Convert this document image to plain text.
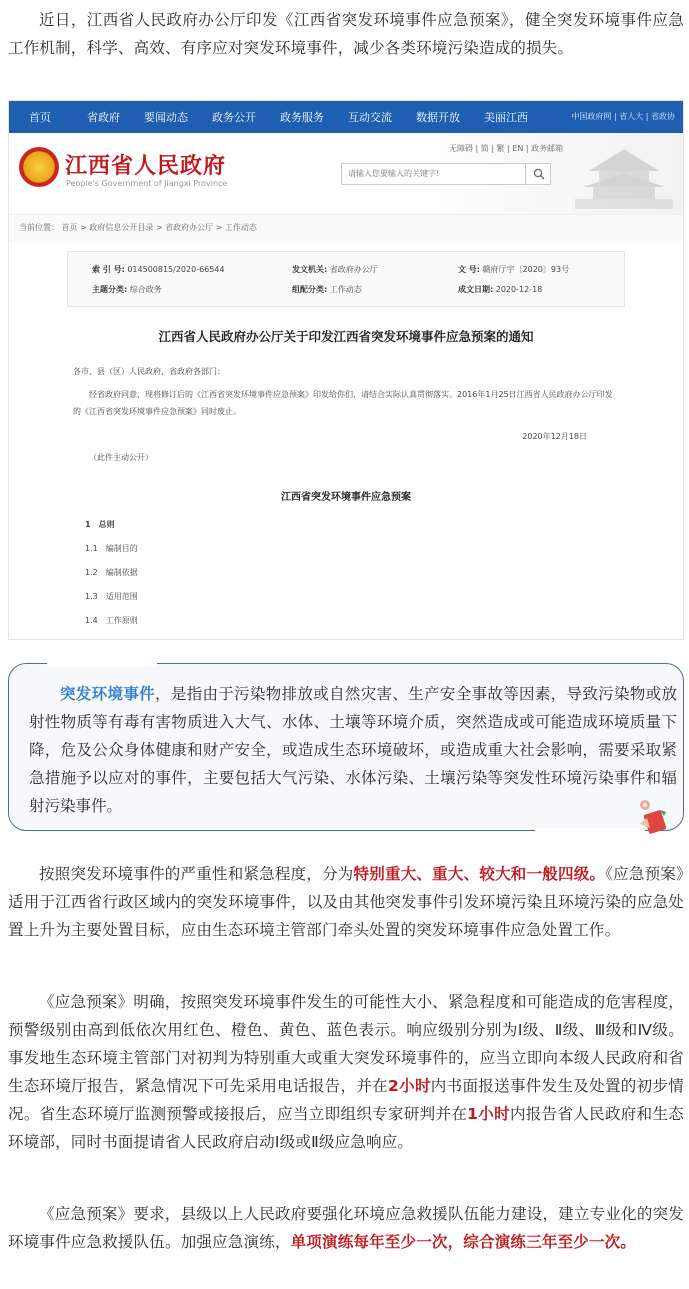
近日，江西省人民政府办公厅印发《江西省突发环境事件应急预案》，健全突发环境事件应急工作机制，科学、高效、有序应对突发环境事件，减少各类环境污染造成的损失。

首页	省政府	要闻动态	政务公开	政务服务	互动交流	数据开放	美丽江西	中国政府网 | 省人大 | 省政协
江西省人民政府
People's Government of Jiangxi Province
无障碍 | 简 | 繁 | EN | 政务邮箱
请输入您要输入的关键字!
当前位置： 首页 > 政府信息公开目录 > 省政府办公厅 > 工作动态
索 引 号: 014500815/2020-66544	发文机关: 省政府办公厅	文 号: 赣府厅字〔2020〕93号
主题分类: 综合政务	组配分类: 工作动态	成文日期: 2020-12-18
江西省人民政府办公厅关于印发江西省突发环境事件应急预案的通知
各市、县（区）人民政府，省政府各部门：
经省政府同意，现将修订后的《江西省突发环境事件应急预案》印发给你们，请结合实际认真贯彻落实。2016年1月25日江西省人民政府办公厅印发的《江西省突发环境事件应急预案》同时废止。
2020年12月18日
（此件主动公开）
江西省突发环境事件应急预案
1　总则
1.1　编制目的
1.2　编制依据
1.3　适用范围
1.4　工作原则

突发环境事件，是指由于污染物排放或自然灾害、生产安全事故等因素，导致污染物或放射性物质等有毒有害物质进入大气、水体、土壤等环境介质，突然造成或可能造成环境质量下降，危及公众身体健康和财产安全，或造成生态环境破坏，或造成重大社会影响，需要采取紧急措施予以应对的事件，主要包括大气污染、水体污染、土壤污染等突发性环境污染事件和辐射污染事件。

按照突发环境事件的严重性和紧急程度，分为特别重大、重大、较大和一般四级。《应急预案》适用于江西省行政区域内的突发环境事件，以及由其他突发事件引发环境污染且环境污染的应急处置上升为主要处置目标，应由生态环境主管部门牵头处置的突发环境事件应急处置工作。

《应急预案》明确，按照突发环境事件发生的可能性大小、紧急程度和可能造成的危害程度，预警级别由高到低依次用红色、橙色、黄色、蓝色表示。响应级别分别为Ⅰ级、Ⅱ级、Ⅲ级和Ⅳ级。事发地生态环境主管部门对初判为特别重大或重大突发环境事件的，应当立即向本级人民政府和省生态环境厅报告，紧急情况下可先采用电话报告，并在2小时内书面报送事件发生及处置的初步情况。省生态环境厅监测预警或接报后，应当立即组织专家研判并在1小时内报告省人民政府和生态环境部，同时书面提请省人民政府启动Ⅰ级或Ⅱ级应急响应。

《应急预案》要求，县级以上人民政府要强化环境应急救援队伍能力建设，建立专业化的突发环境事件应急救援队伍。加强应急演练，单项演练每年至少一次，综合演练三年至少一次。
